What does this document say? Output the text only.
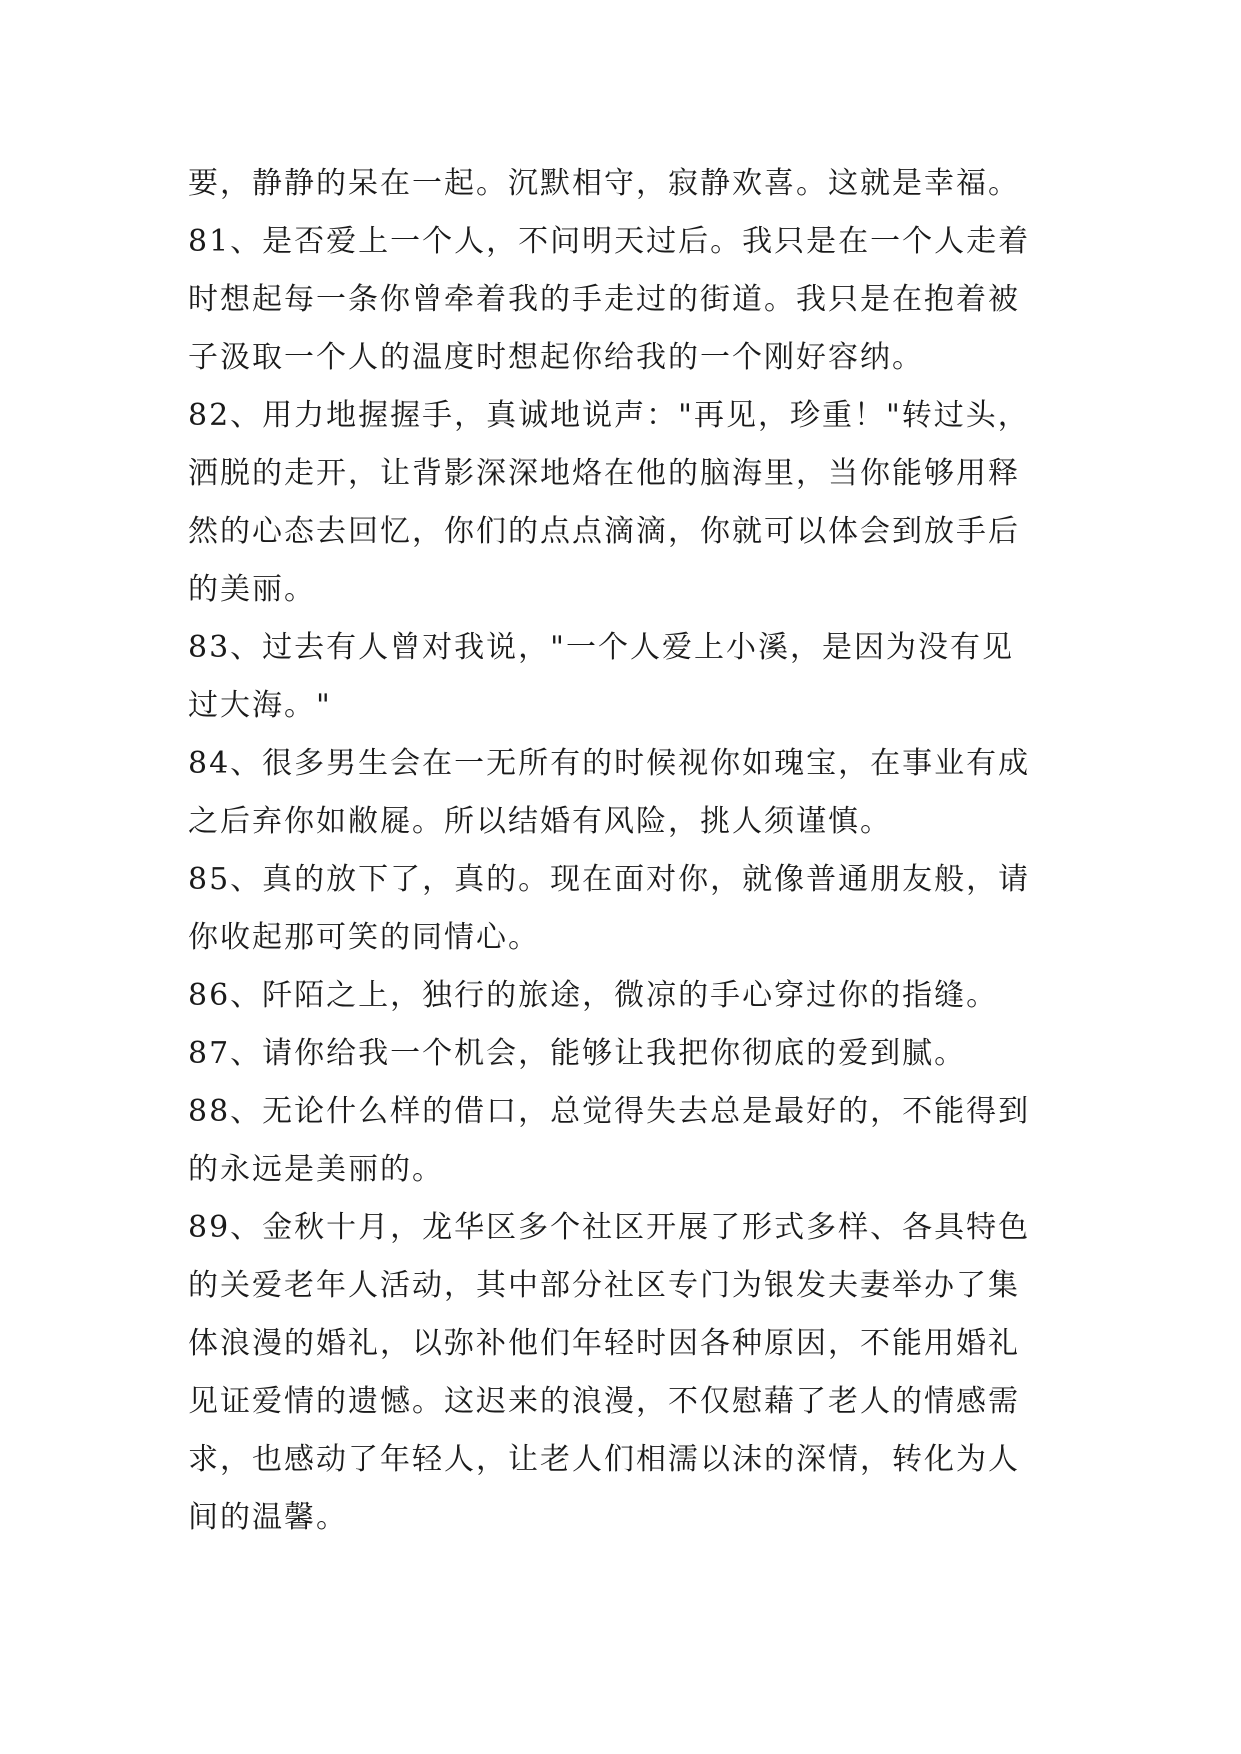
要，静静的呆在一起。沉默相守，寂静欢喜。这就是幸福。
81、是否爱上一个人，不问明天过后。我只是在一个人走着
时想起每一条你曾牵着我的手走过的街道。我只是在抱着被
子汲取一个人的温度时想起你给我的一个刚好容纳。
82、用力地握握手，真诚地说声："再见，珍重！"转过头，
洒脱的走开，让背影深深地烙在他的脑海里，当你能够用释
然的心态去回忆，你们的点点滴滴，你就可以体会到放手后
的美丽。
83、过去有人曾对我说，"一个人爱上小溪，是因为没有见
过大海。"
84、很多男生会在一无所有的时候视你如瑰宝，在事业有成
之后弃你如敝屣。所以结婚有风险，挑人须谨慎。
85、真的放下了，真的。现在面对你，就像普通朋友般，请
你收起那可笑的同情心。
86、阡陌之上，独行的旅途，微凉的手心穿过你的指缝。
87、请你给我一个机会，能够让我把你彻底的爱到腻。
88、无论什么样的借口，总觉得失去总是最好的，不能得到
的永远是美丽的。
89、金秋十月，龙华区多个社区开展了形式多样、各具特色
的关爱老年人活动，其中部分社区专门为银发夫妻举办了集
体浪漫的婚礼，以弥补他们年轻时因各种原因，不能用婚礼
见证爱情的遗憾。这迟来的浪漫，不仅慰藉了老人的情感需
求，也感动了年轻人，让老人们相濡以沫的深情，转化为人
间的温馨。
